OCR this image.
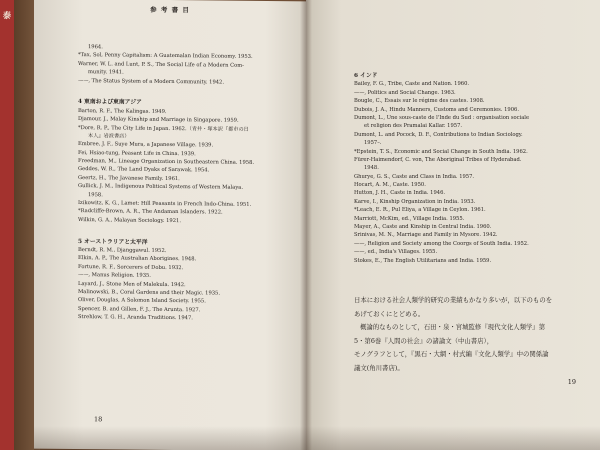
泰
参 考 書 目
1964.
*Tax, Sol, Penny Capitalism: A Guatemalan Indian Economy. 1953.
Warner, W. L. and Lunt, P. S., The Social Life of a Modern Com-
munity. 1941.
——, The Status System of a Modern Community. 1942.
4 東南および東南アジア
Barton, R. F., The Kalingas. 1949.
Djamour, J., Malay Kinship and Marriage in Singapore. 1959.
*Dore, R. P., The City Life in Japan. 1962.（青井・塚本訳『都市の日
本人』岩波書店）
Embree, J. F., Suye Mura, a Japanese Village. 1939.
Fei, Hsiao-tung, Peasant Life in China. 1939.
Freedman, M., Lineage Organization in Southeastern China. 1958.
Geddes, W. R., The Land Dyaks of Sarawak. 1954.
Geertz, H., The Javanese Family. 1961.
Gullick, J. M., Indigenous Political Systems of Western Malaya.
1958.
Izikowitz, K. G., Lamet: Hill Peasants in French Indo-China. 1951.
*Radcliffe-Brown, A. R., The Andaman Islanders. 1922.
Wilkin, G. A., Malayan Sociology. 1921.
5 オーストラリアと太平洋
Berndt, R. M., Djanggawul. 1952.
Elkin, A. P., The Australian Aborigines. 1948.
Fortune, R. F., Sorcerers of Dobu. 1932.
——, Manus Religion. 1935.
Layard, J., Stone Men of Malekula. 1942.
Malinowski, B., Coral Gardens and their Magic. 1935.
Oliver, Douglas, A Solomon Island Society. 1955.
Spencer, B. and Gillen, F. J., The Arunta. 1927.
Strehlow, T. G. H., Aranda Traditions. 1947.
18
6 インド
Bailey, F. G., Tribe, Caste and Nation. 1960.
——, Politics and Social Change. 1963.
Bougle, C., Essais sur le régime des castes. 1908.
Dubois, J. A., Hindu Manners, Customs and Ceremonies. 1906.
Dumont, L., Une sous-caste de l'Inde du Sud : organisation sociale
et religion des Pramalai Kallar. 1957.
Dumont, L. and Pocock, D. F., Contributions to Indian Sociology.
1957–.
*Epstein, T. S., Economic and Social Change in South India. 1962.
Fürer-Haimendorf, C. von, The Aboriginal Tribes of Hyderabad.
1948.
Ghurye, G. S., Caste and Class in India. 1957.
Hocart, A. M., Caste. 1950.
Hutton, J. H., Caste in India. 1946.
Karve, I., Kinship Organization in India. 1953.
*Leach, E. R., Pul Eliya, a Village in Ceylon. 1961.
Marriott, McKim, ed., Village India. 1955.
Mayer, A., Caste and Kinship in Central India. 1960.
Srinivas, M. N., Marriage and Family in Mysore. 1942.
——, Religion and Society among the Coorgs of South India. 1952.
——, ed., India's Villages. 1955.
Stokes, E., The English Utilitarians and India. 1959.
日本における社会人類学的研究の業績もかなり多いが，以下のものを
あげておくにとどめる。
概論的なものとして，石田・泉・宮城監修『現代文化人類学』第
5・第6巻『人間の社会』の諸論文（中山書店），
モノグラフとして，『黒石・大網・村式編『文化人類学』中の関係論
議文(角川書店)。
19
